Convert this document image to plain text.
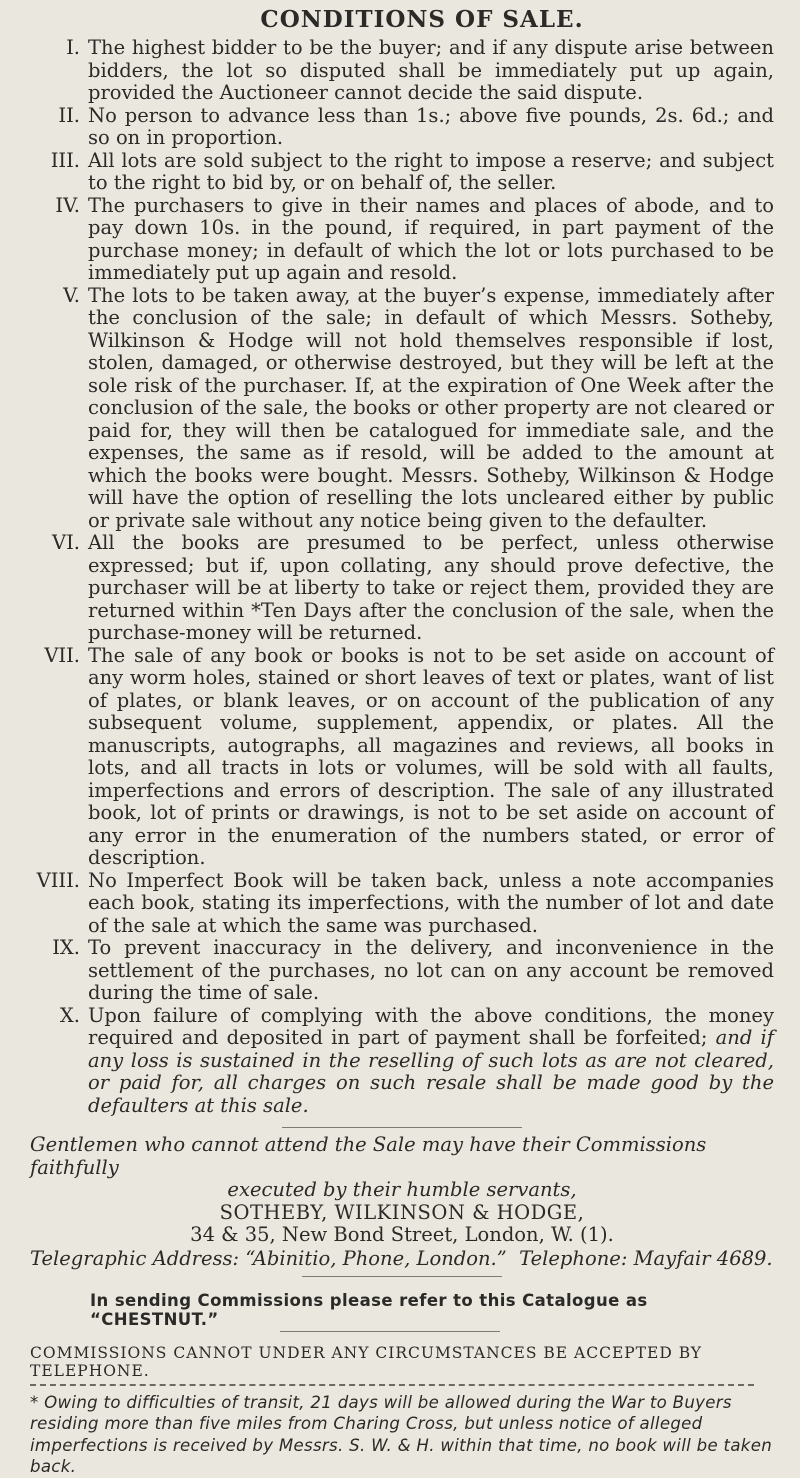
CONDITIONS OF SALE.
I. The highest bidder to be the buyer; and if any dispute arise between bidders, the lot so disputed shall be immediately put up again, provided the Auctioneer cannot decide the said dispute.
II. No person to advance less than 1s.; above five pounds, 2s. 6d.; and so on in proportion.
III. All lots are sold subject to the right to impose a reserve; and subject to the right to bid by, or on behalf of, the seller.
IV. The purchasers to give in their names and places of abode, and to pay down 10s. in the pound, if required, in part payment of the purchase money; in default of which the lot or lots purchased to be immediately put up again and resold.
V. The lots to be taken away, at the buyer’s expense, immediately after the conclusion of the sale; in default of which Messrs. Sotheby, Wilkinson & Hodge will not hold themselves responsible if lost, stolen, damaged, or otherwise destroyed, but they will be left at the sole risk of the purchaser. If, at the expiration of One Week after the conclusion of the sale, the books or other property are not cleared or paid for, they will then be catalogued for immediate sale, and the expenses, the same as if resold, will be added to the amount at which the books were bought. Messrs. Sotheby, Wilkinson & Hodge will have the option of reselling the lots uncleared either by public or private sale without any notice being given to the defaulter.
VI. All the books are presumed to be perfect, unless otherwise expressed; but if, upon collating, any should prove defective, the purchaser will be at liberty to take or reject them, provided they are returned within *Ten Days after the conclusion of the sale, when the purchase-money will be returned.
VII. The sale of any book or books is not to be set aside on account of any worm holes, stained or short leaves of text or plates, want of list of plates, or blank leaves, or on account of the publication of any subsequent volume, supplement, appendix, or plates. All the manuscripts, autographs, all magazines and reviews, all books in lots, and all tracts in lots or volumes, will be sold with all faults, imperfections and errors of description. The sale of any illustrated book, lot of prints or drawings, is not to be set aside on account of any error in the enumeration of the numbers stated, or error of description.
VIII. No Imperfect Book will be taken back, unless a note accompanies each book, stating its imperfections, with the number of lot and date of the sale at which the same was purchased.
IX. To prevent inaccuracy in the delivery, and inconvenience in the settlement of the purchases, no lot can on any account be removed during the time of sale.
X. Upon failure of complying with the above conditions, the money required and deposited in part of payment shall be forfeited; and if any loss is sustained in the reselling of such lots as are not cleared, or paid for, all charges on such resale shall be made good by the defaulters at this sale.

Gentlemen who cannot attend the Sale may have their Commissions faithfully

executed by their humble servants,

SOTHEBY, WILKINSON & HODGE,

34 & 35, New Bond Street, London, W. (1).

Telegraphic Address: “Abinitio, Phone, London.” Telephone: Mayfair 4689.

In sending Commissions please refer to this Catalogue as “CHESTNUT.”

COMMISSIONS CANNOT UNDER ANY CIRCUMSTANCES BE ACCEPTED BY TELEPHONE.

* Owing to difficulties of transit, 21 days will be allowed during the War to Buyers residing more than five miles from Charing Cross, but unless notice of alleged imperfections is received by Messrs. S. W. & H. within that time, no book will be taken back.
